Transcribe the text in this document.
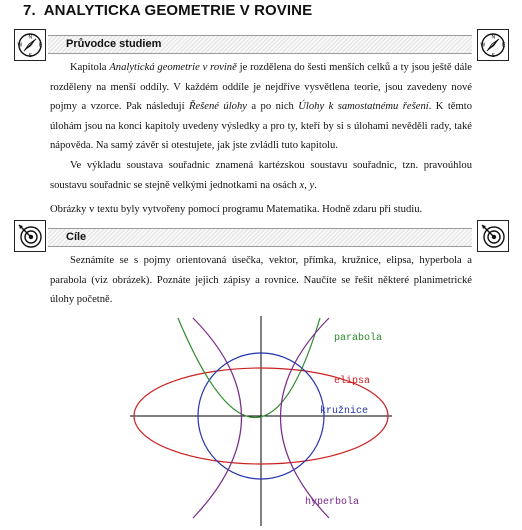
7. ANALYTICKA GEOMETRIE V ROVINE
N
E
S
W	Průvodce studiem
N
E
S
W

Kapitola Analytická geometrie v rovině je rozdělena do šesti menších celků a ty jsou ještě dále rozděleny na menší oddíly. V každém oddíle je nejdříve vysvětlena teorie, jsou zavedeny nové pojmy a vzorce. Pak následují Řešené úlohy a po nich Úlohy k samostatnému řešení. K těmto úlohám jsou na konci kapitoly uvedeny výsledky a pro ty, kteří by si s úlohami nevěděli rady, také nápověda. Na samý závěr si otestujete, jak jste zvládli tuto kapitolu.

Ve výkladu soustava souřadnic znamená kartézskou soustavu souřadnic, tzn. pravoúhlou soustavu souřadnic se stejně velkými jednotkami na osách x, y.

Obrázky v textu byly vytvořeny pomocí programu Matematika. Hodně zdaru při studiu.

Cíle

Seznámíte se s pojmy orientovaná úsečka, vektor, přímka, kružnice, elipsa, hyperbola a parabola (viz obrázek). Poznáte jejich zápisy a rovnice. Naučíte se řešit některé planimetrické úlohy početně.

parabola
elipsa
kružnice
hyperbola
